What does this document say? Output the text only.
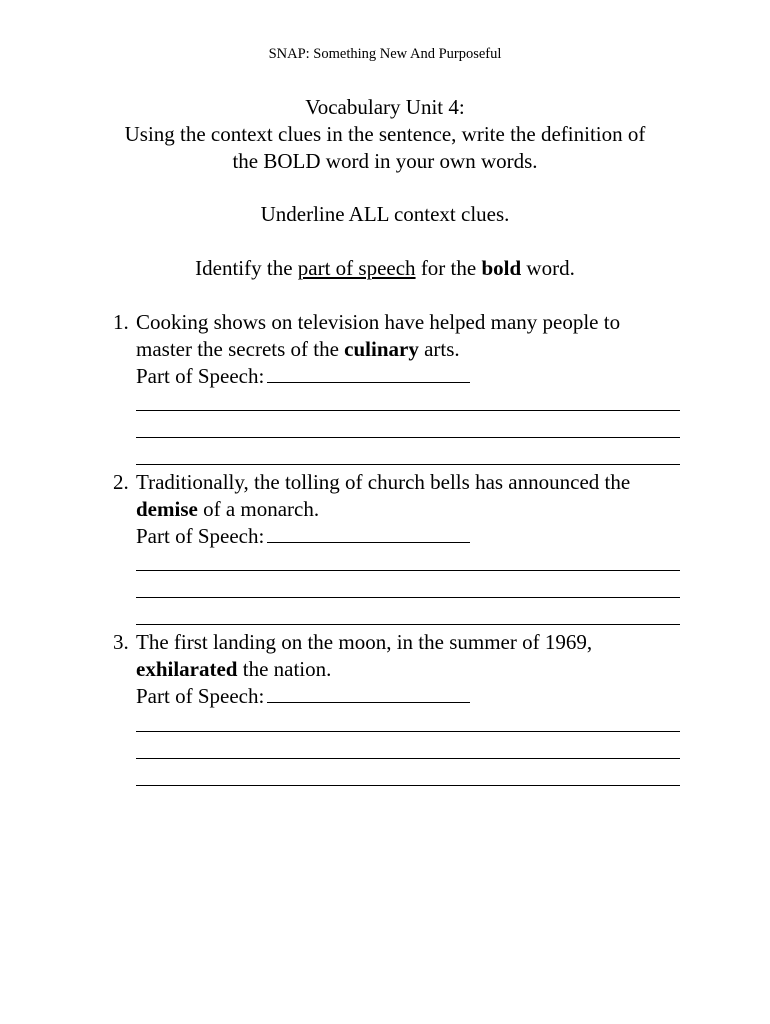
SNAP: Something New And Purposeful
Vocabulary Unit 4:
Using the context clues in the sentence, write the definition of
the BOLD word in your own words.
Underline ALL context clues.
Identify the part of speech for the bold word.
1. Cooking shows on television have helped many people to
master the secrets of the culinary arts.
Part of Speech:
2. Traditionally, the tolling of church bells has announced the
demise of a monarch.
Part of Speech:
3. The first landing on the moon, in the summer of 1969,
exhilarated the nation.
Part of Speech:
